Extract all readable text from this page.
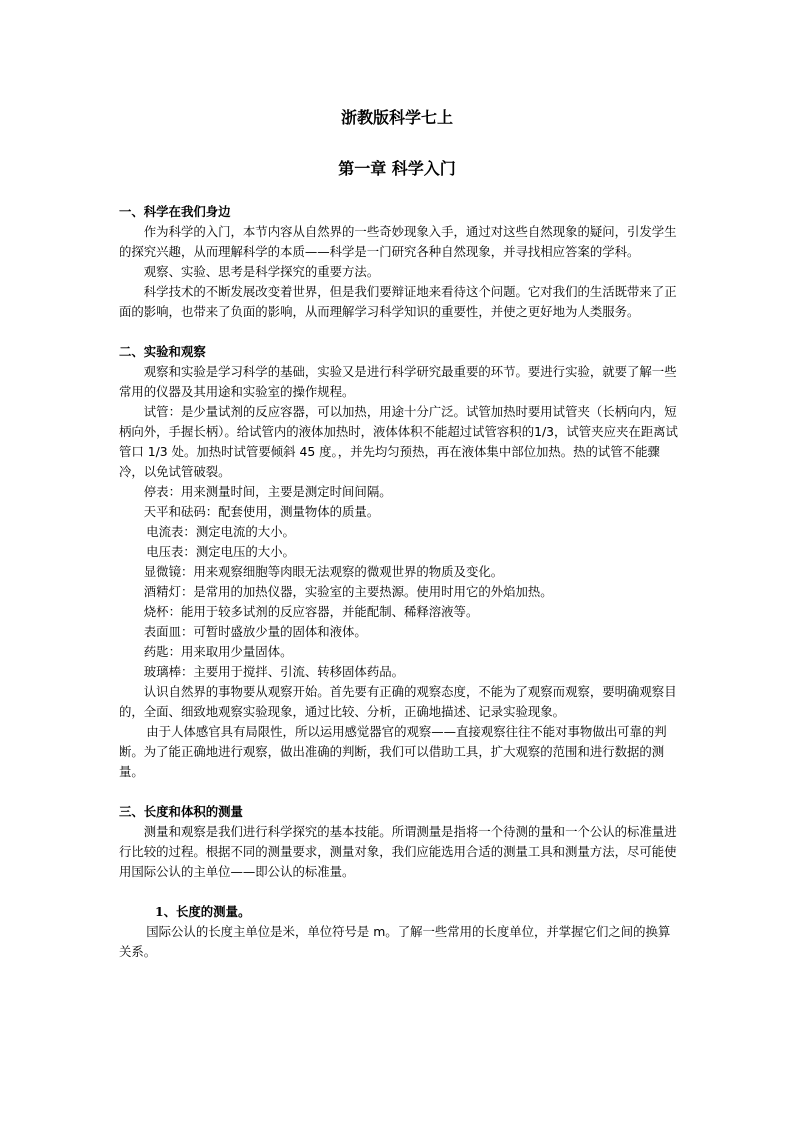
浙教版科学七上
第一章 科学入门

一、科学在我们身边

作为科学的入门，本节内容从自然界的一些奇妙现象入手，通过对这些自然现象的疑问，引发学生的探究兴趣，从而理解科学的本质——科学是一门研究各种自然现象，并寻找相应答案的学科。

观察、实验、思考是科学探究的重要方法。

科学技术的不断发展改变着世界，但是我们要辩证地来看待这个问题。它对我们的生活既带来了正面的影响，也带来了负面的影响，从而理解学习科学知识的重要性，并使之更好地为人类服务。

二、实验和观察

观察和实验是学习科学的基础，实验又是进行科学研究最重要的环节。要进行实验，就要了解一些常用的仪器及其用途和实验室的操作规程。

试管：是少量试剂的反应容器，可以加热，用途十分广泛。试管加热时要用试管夹（长柄向内，短柄向外，手握长柄）。给试管内的液体加热时，液体体积不能超过试管容积的1/3，试管夹应夹在距离试管口 1/3 处。加热时试管要倾斜 45 度。，并先均匀预热，再在液体集中部位加热。热的试管不能骤冷，以免试管破裂。

停表：用来测量时间，主要是测定时间间隔。

天平和砝码：配套使用，测量物体的质量。

电流表：测定电流的大小。

电压表：测定电压的大小。

显微镜：用来观察细胞等肉眼无法观察的微观世界的物质及变化。

酒精灯：是常用的加热仪器，实验室的主要热源。使用时用它的外焰加热。

烧杯：能用于较多试剂的反应容器，并能配制、稀释溶液等。

表面皿：可暂时盛放少量的固体和液体。

药匙：用来取用少量固体。

玻璃棒：主要用于搅拌、引流、转移固体药品。

认识自然界的事物要从观察开始。首先要有正确的观察态度，不能为了观察而观察，要明确观察目的，全面、细致地观察实验现象，通过比较、分析，正确地描述、记录实验现象。

由于人体感官具有局限性，所以运用感觉器官的观察——直接观察往往不能对事物做出可靠的判断。为了能正确地进行观察，做出准确的判断，我们可以借助工具，扩大观察的范围和进行数据的测量。

三、长度和体积的测量

测量和观察是我们进行科学探究的基本技能。所谓测量是指将一个待测的量和一个公认的标准量进行比较的过程。根据不同的测量要求，测量对象，我们应能选用合适的测量工具和测量方法，尽可能使用国际公认的主单位——即公认的标准量。

1、长度的测量。

国际公认的长度主单位是米，单位符号是 m。了解一些常用的长度单位，并掌握它们之间的换算关系。
